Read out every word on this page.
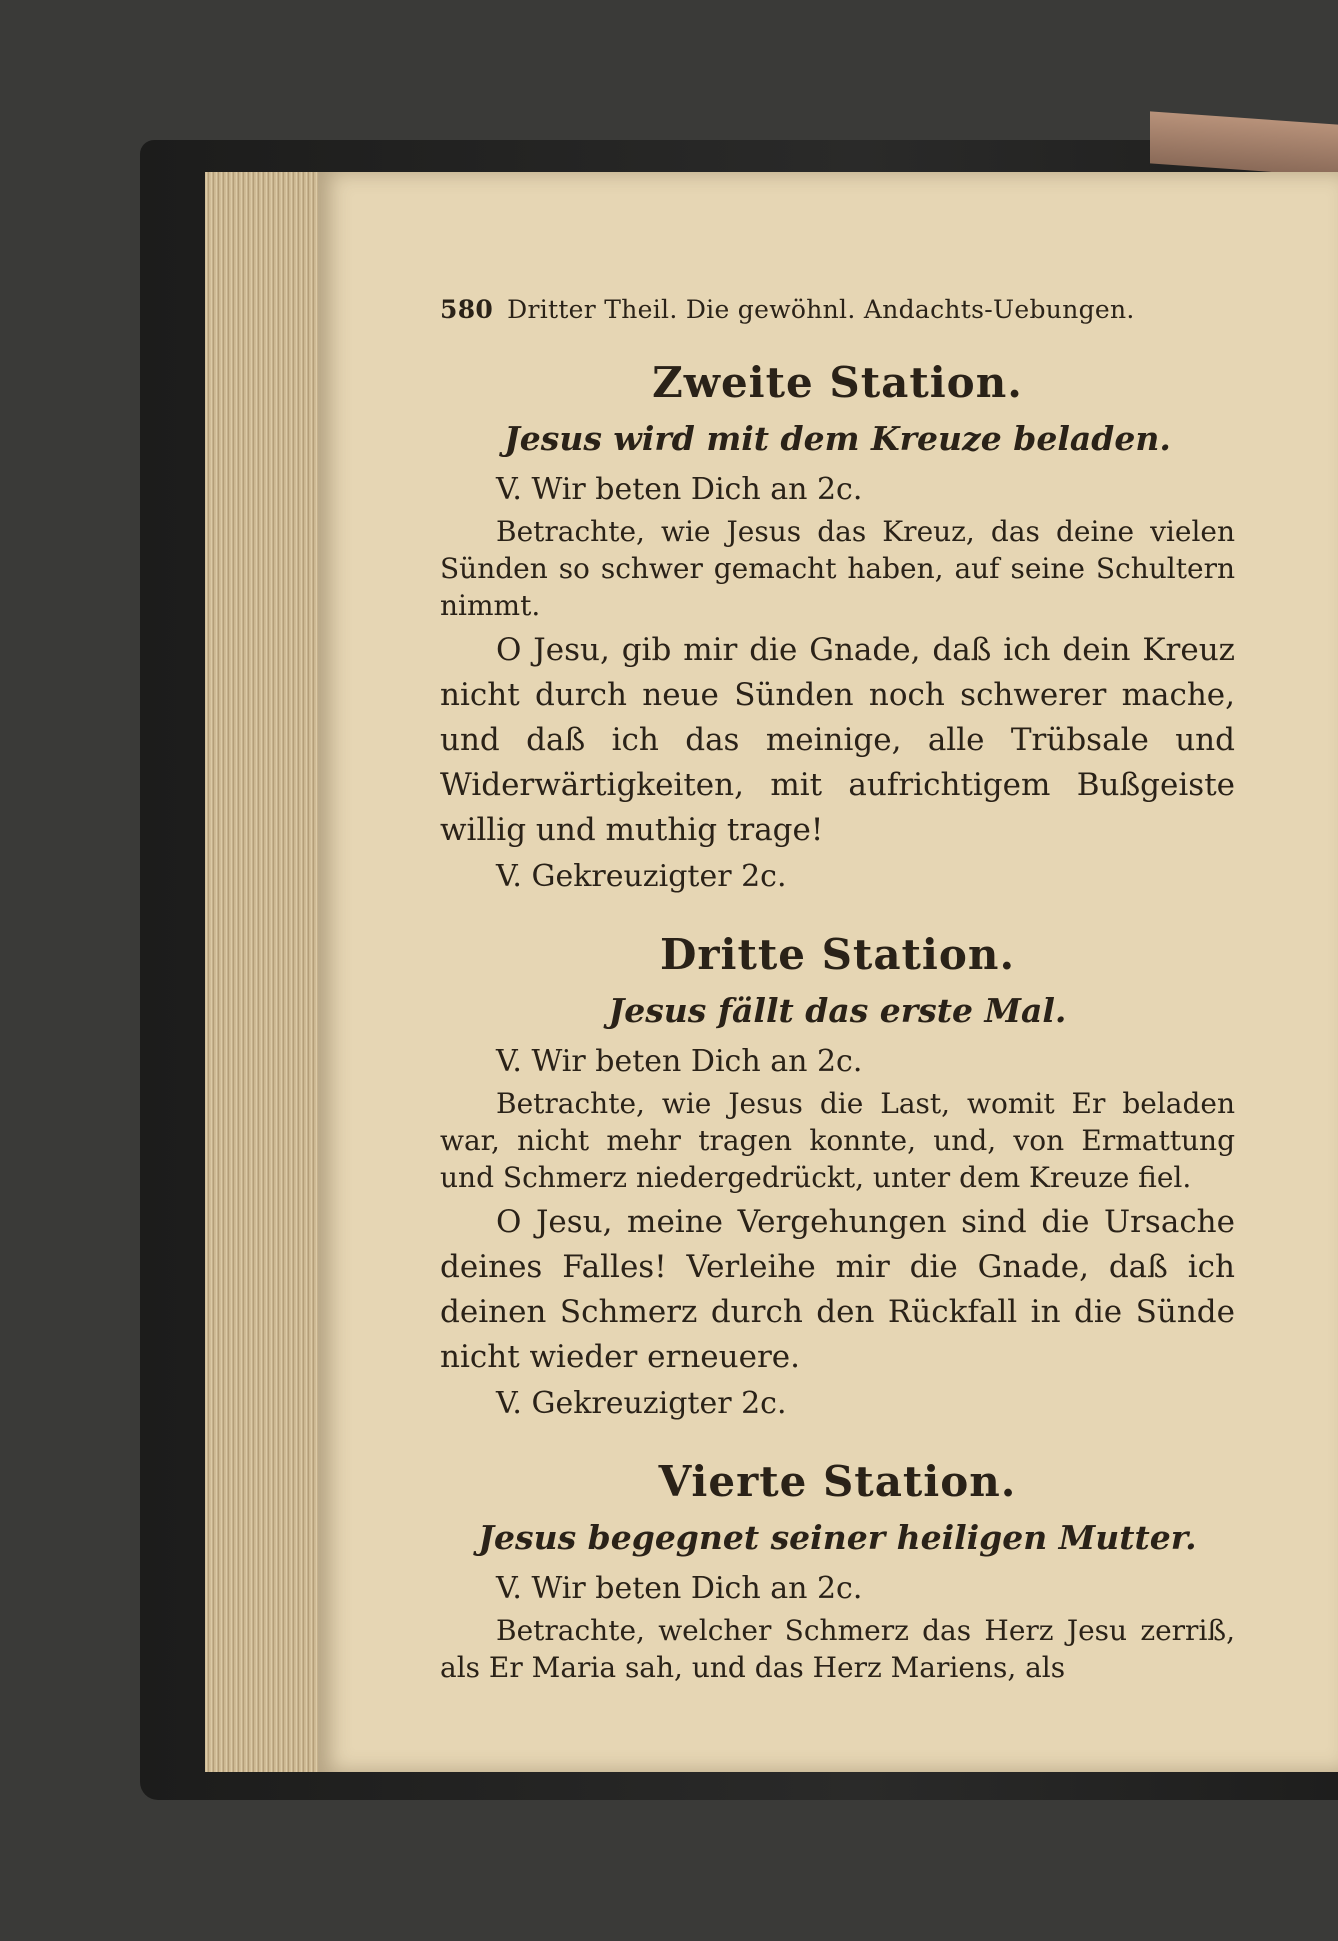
580 Dritter Theil. Die gewöhnl. Andachts-Uebungen.
Zweite Station.
Jesus wird mit dem Kreuze beladen.
V. Wir beten Dich an 2c.

Betrachte, wie Jesus das Kreuz, das deine vielen Sünden so schwer gemacht haben, auf seine Schultern nimmt.

O Jesu, gib mir die Gnade, daß ich dein Kreuz nicht durch neue Sünden noch schwerer mache, und daß ich das meinige, alle Trübsale und Widerwärtigkeiten, mit aufrichtigem Bußgeiste willig und muthig trage!

V. Gekreuzigter 2c.
Dritte Station.
Jesus fällt das erste Mal.
V. Wir beten Dich an 2c.

Betrachte, wie Jesus die Last, womit Er beladen war, nicht mehr tragen konnte, und, von Ermattung und Schmerz niedergedrückt, unter dem Kreuze fiel.

O Jesu, meine Vergehungen sind die Ursache deines Falles! Verleihe mir die Gnade, daß ich deinen Schmerz durch den Rückfall in die Sünde nicht wieder erneuere.

V. Gekreuzigter 2c.
Vierte Station.
Jesus begegnet seiner heiligen Mutter.
V. Wir beten Dich an 2c.

Betrachte, welcher Schmerz das Herz Jesu zerriß, als Er Maria sah, und das Herz Mariens, als
